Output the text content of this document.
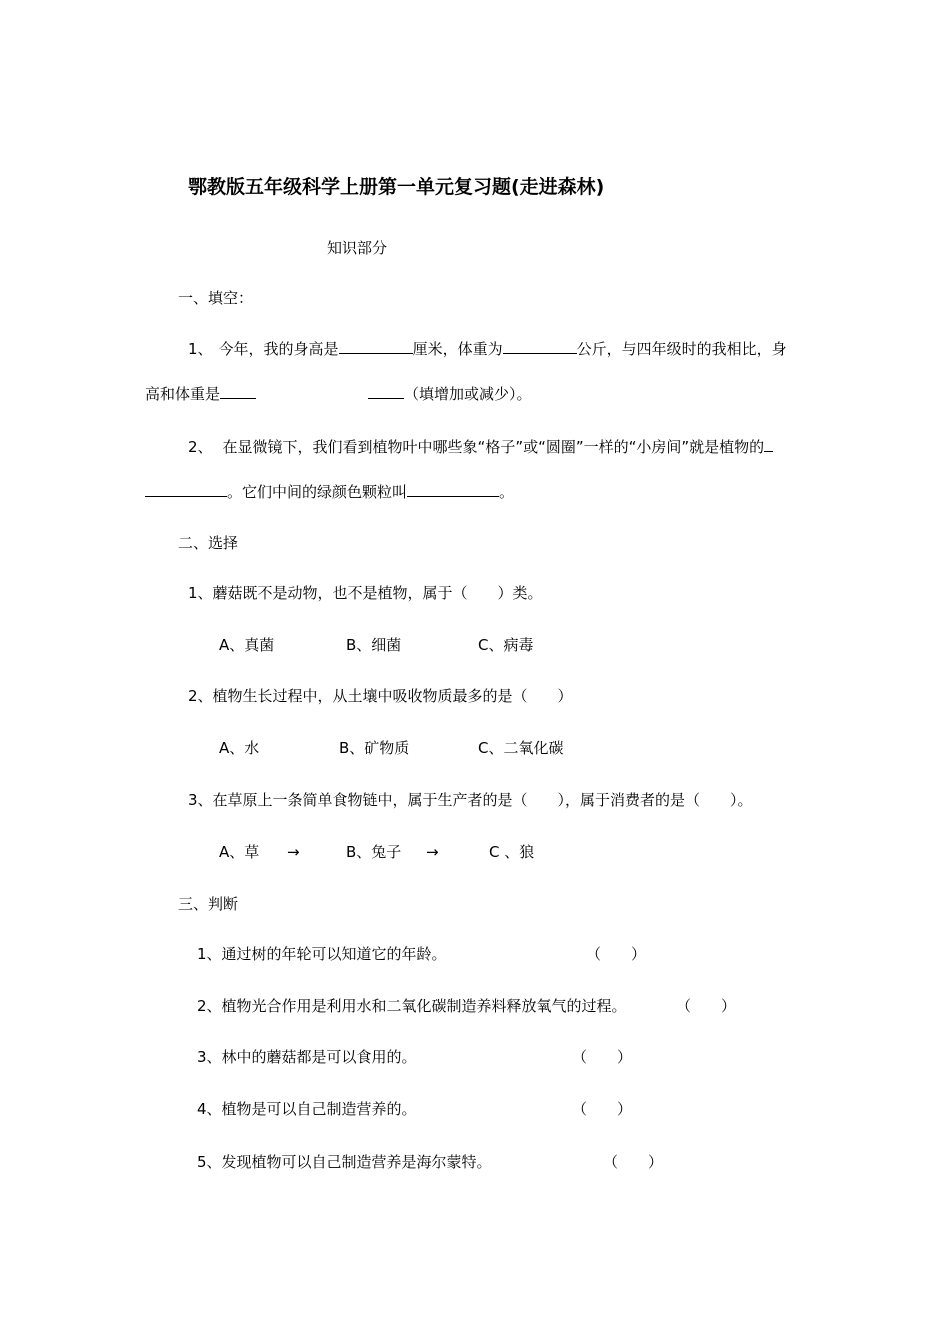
鄂教版五年级科学上册第一单元复习题(走进森林)
知识部分
一、填空：
1、 今年，我的身高是	厘米，体重为	公斤，与四年级时的我相比，身
高和体重是	（填增加或减少）。
2、 在显微镜下，我们看到植物叶中哪些象“格子”或“圆圈”一样的“小房间”就是植物的
。它们中间的绿颜色颗粒叫	。
二、选择
1、蘑菇既不是动物，也不是植物，属于（　　）类。
A、真菌	B、细菌	C、病毒
2、植物生长过程中，从土壤中吸收物质最多的是（　　）
A、水	B、矿物质	C、二氧化碳
3、在草原上一条简单食物链中，属于生产者的是（　　），属于消费者的是（　　）。
A、草 →	B、兔子 →	C 、狼
三、判断
1、通过树的年轮可以知道它的年龄。	（　　）
2、植物光合作用是利用水和二氧化碳制造养料释放氧气的过程。	（　　）
3、林中的蘑菇都是可以食用的。	（　　）
4、植物是可以自己制造营养的。	（　　）
5、发现植物可以自己制造营养是海尔蒙特。	（　　）
